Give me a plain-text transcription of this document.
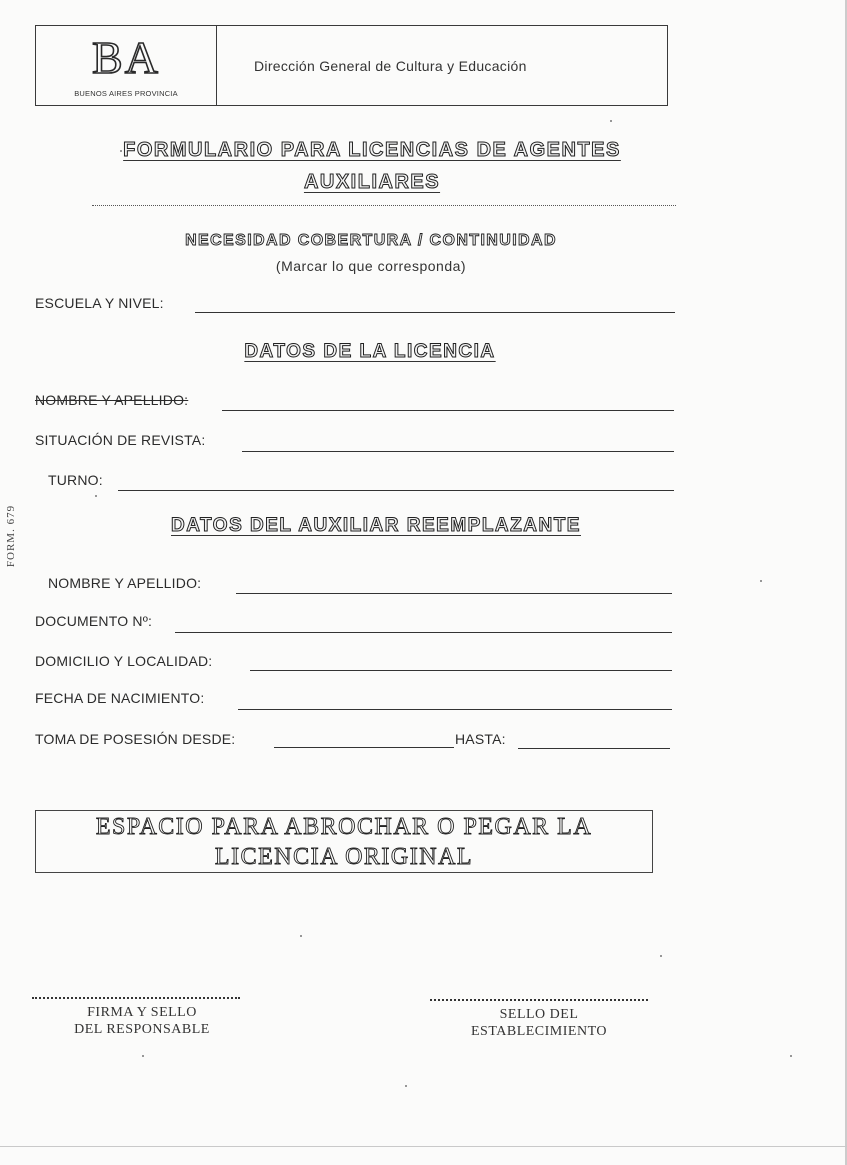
BA
BUENOS AIRES PROVINCIA
Dirección General de Cultura y Educación
FORMULARIO PARA LICENCIAS DE AGENTES
AUXILIARES
NECESIDAD COBERTURA / CONTINUIDAD
(Marcar lo que corresponda)
ESCUELA Y NIVEL:
DATOS DE LA LICENCIA
NOMBRE Y APELLIDO:
SITUACIÓN DE REVISTA:
TURNO:
DATOS DEL AUXILIAR REEMPLAZANTE
NOMBRE Y APELLIDO:
DOCUMENTO Nº:
DOMICILIO Y LOCALIDAD:
FECHA DE NACIMIENTO:
TOMA DE POSESIÓN DESDE:	HASTA:
ESPACIO PARA ABROCHAR O PEGAR LA
LICENCIA ORIGINAL
FIRMA Y SELLO
DEL RESPONSABLE
SELLO DEL
ESTABLECIMIENTO
FORM. 679
